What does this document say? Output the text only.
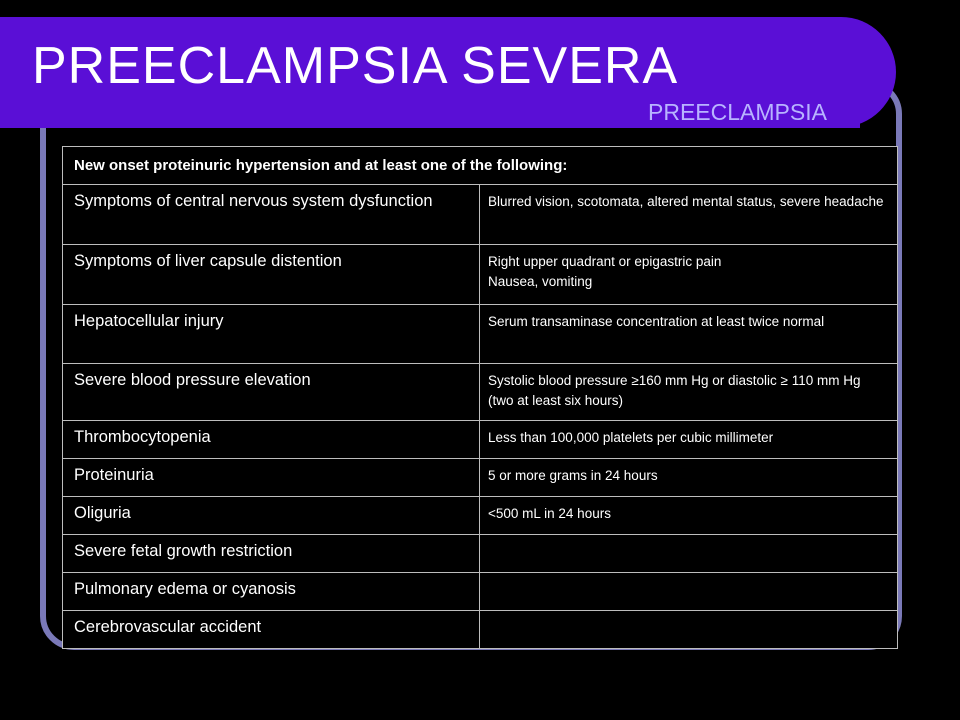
PREECLAMPSIA SEVERA
PREECLAMPSIA
New onset proteinuric hypertension and at least one of the following:	
Symptoms of central nervous system dysfunction	Blurred vision, scotomata, altered mental status, severe headache

Symptoms of liver capsule distention	Right upper quadrant or epigastric pain
Nausea, vomiting

Hepatocellular injury	Serum transaminase concentration at least twice normal

Severe blood pressure elevation	Systolic blood pressure ≥160 mm Hg or diastolic ≥ 110 mm Hg (two at least six hours)

Thrombocytopenia	Less than 100,000 platelets per cubic millimeter

Proteinuria	5 or more grams in 24 hours

Oliguria	<500 mL in 24 hours

Severe fetal growth restriction	
Pulmonary edema or cyanosis	
Cerebrovascular accident	
